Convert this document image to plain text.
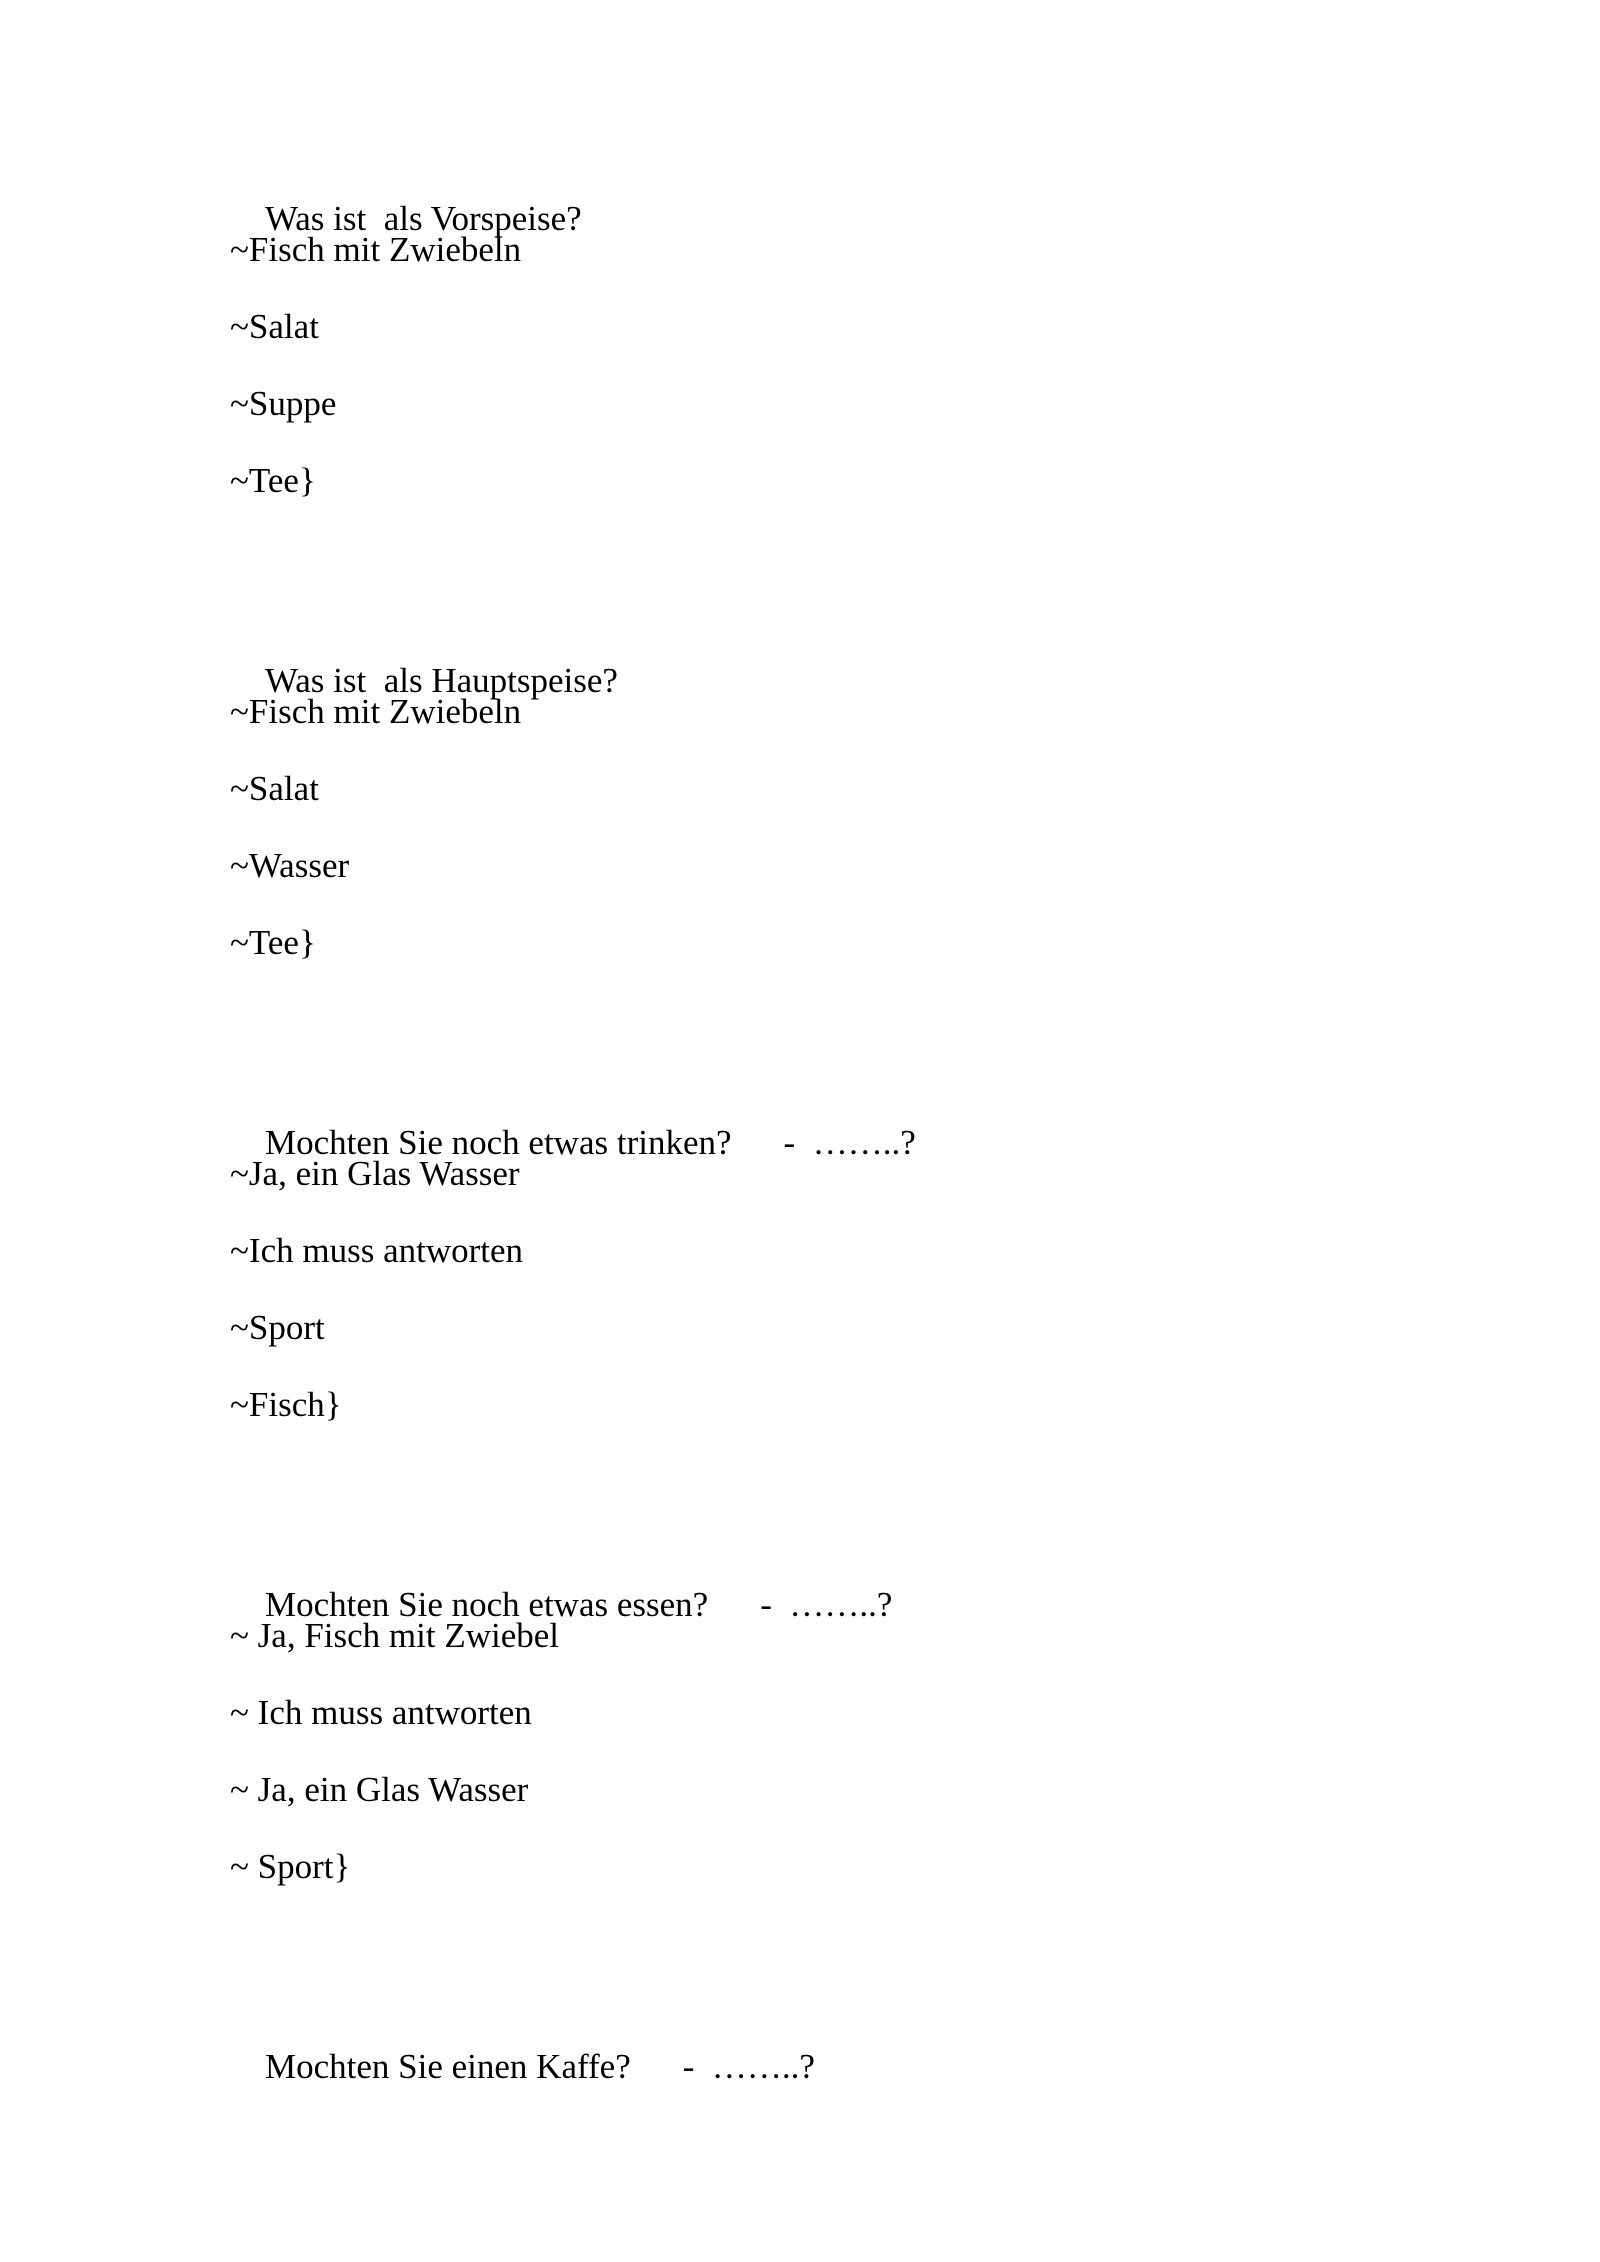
Was ist  als Vorspeise?

~Fisch mit Zwiebeln
~Salat
~Suppe
~Tee}

Was ist  als Hauptspeise?

~Fisch mit Zwiebeln
~Salat
~Wasser
~Tee}

Mochten Sie noch etwas trinken? -  ……..?

~Ja, ein Glas Wasser
~Ich muss antworten
~Sport
~Fisch}

Mochten Sie noch etwas essen? -  ……..?

~ Ja, Fisch mit Zwiebel
~ Ich muss antworten
~ Ja, ein Glas Wasser
~ Sport}

Mochten Sie einen Kaffe? -  ……..?
